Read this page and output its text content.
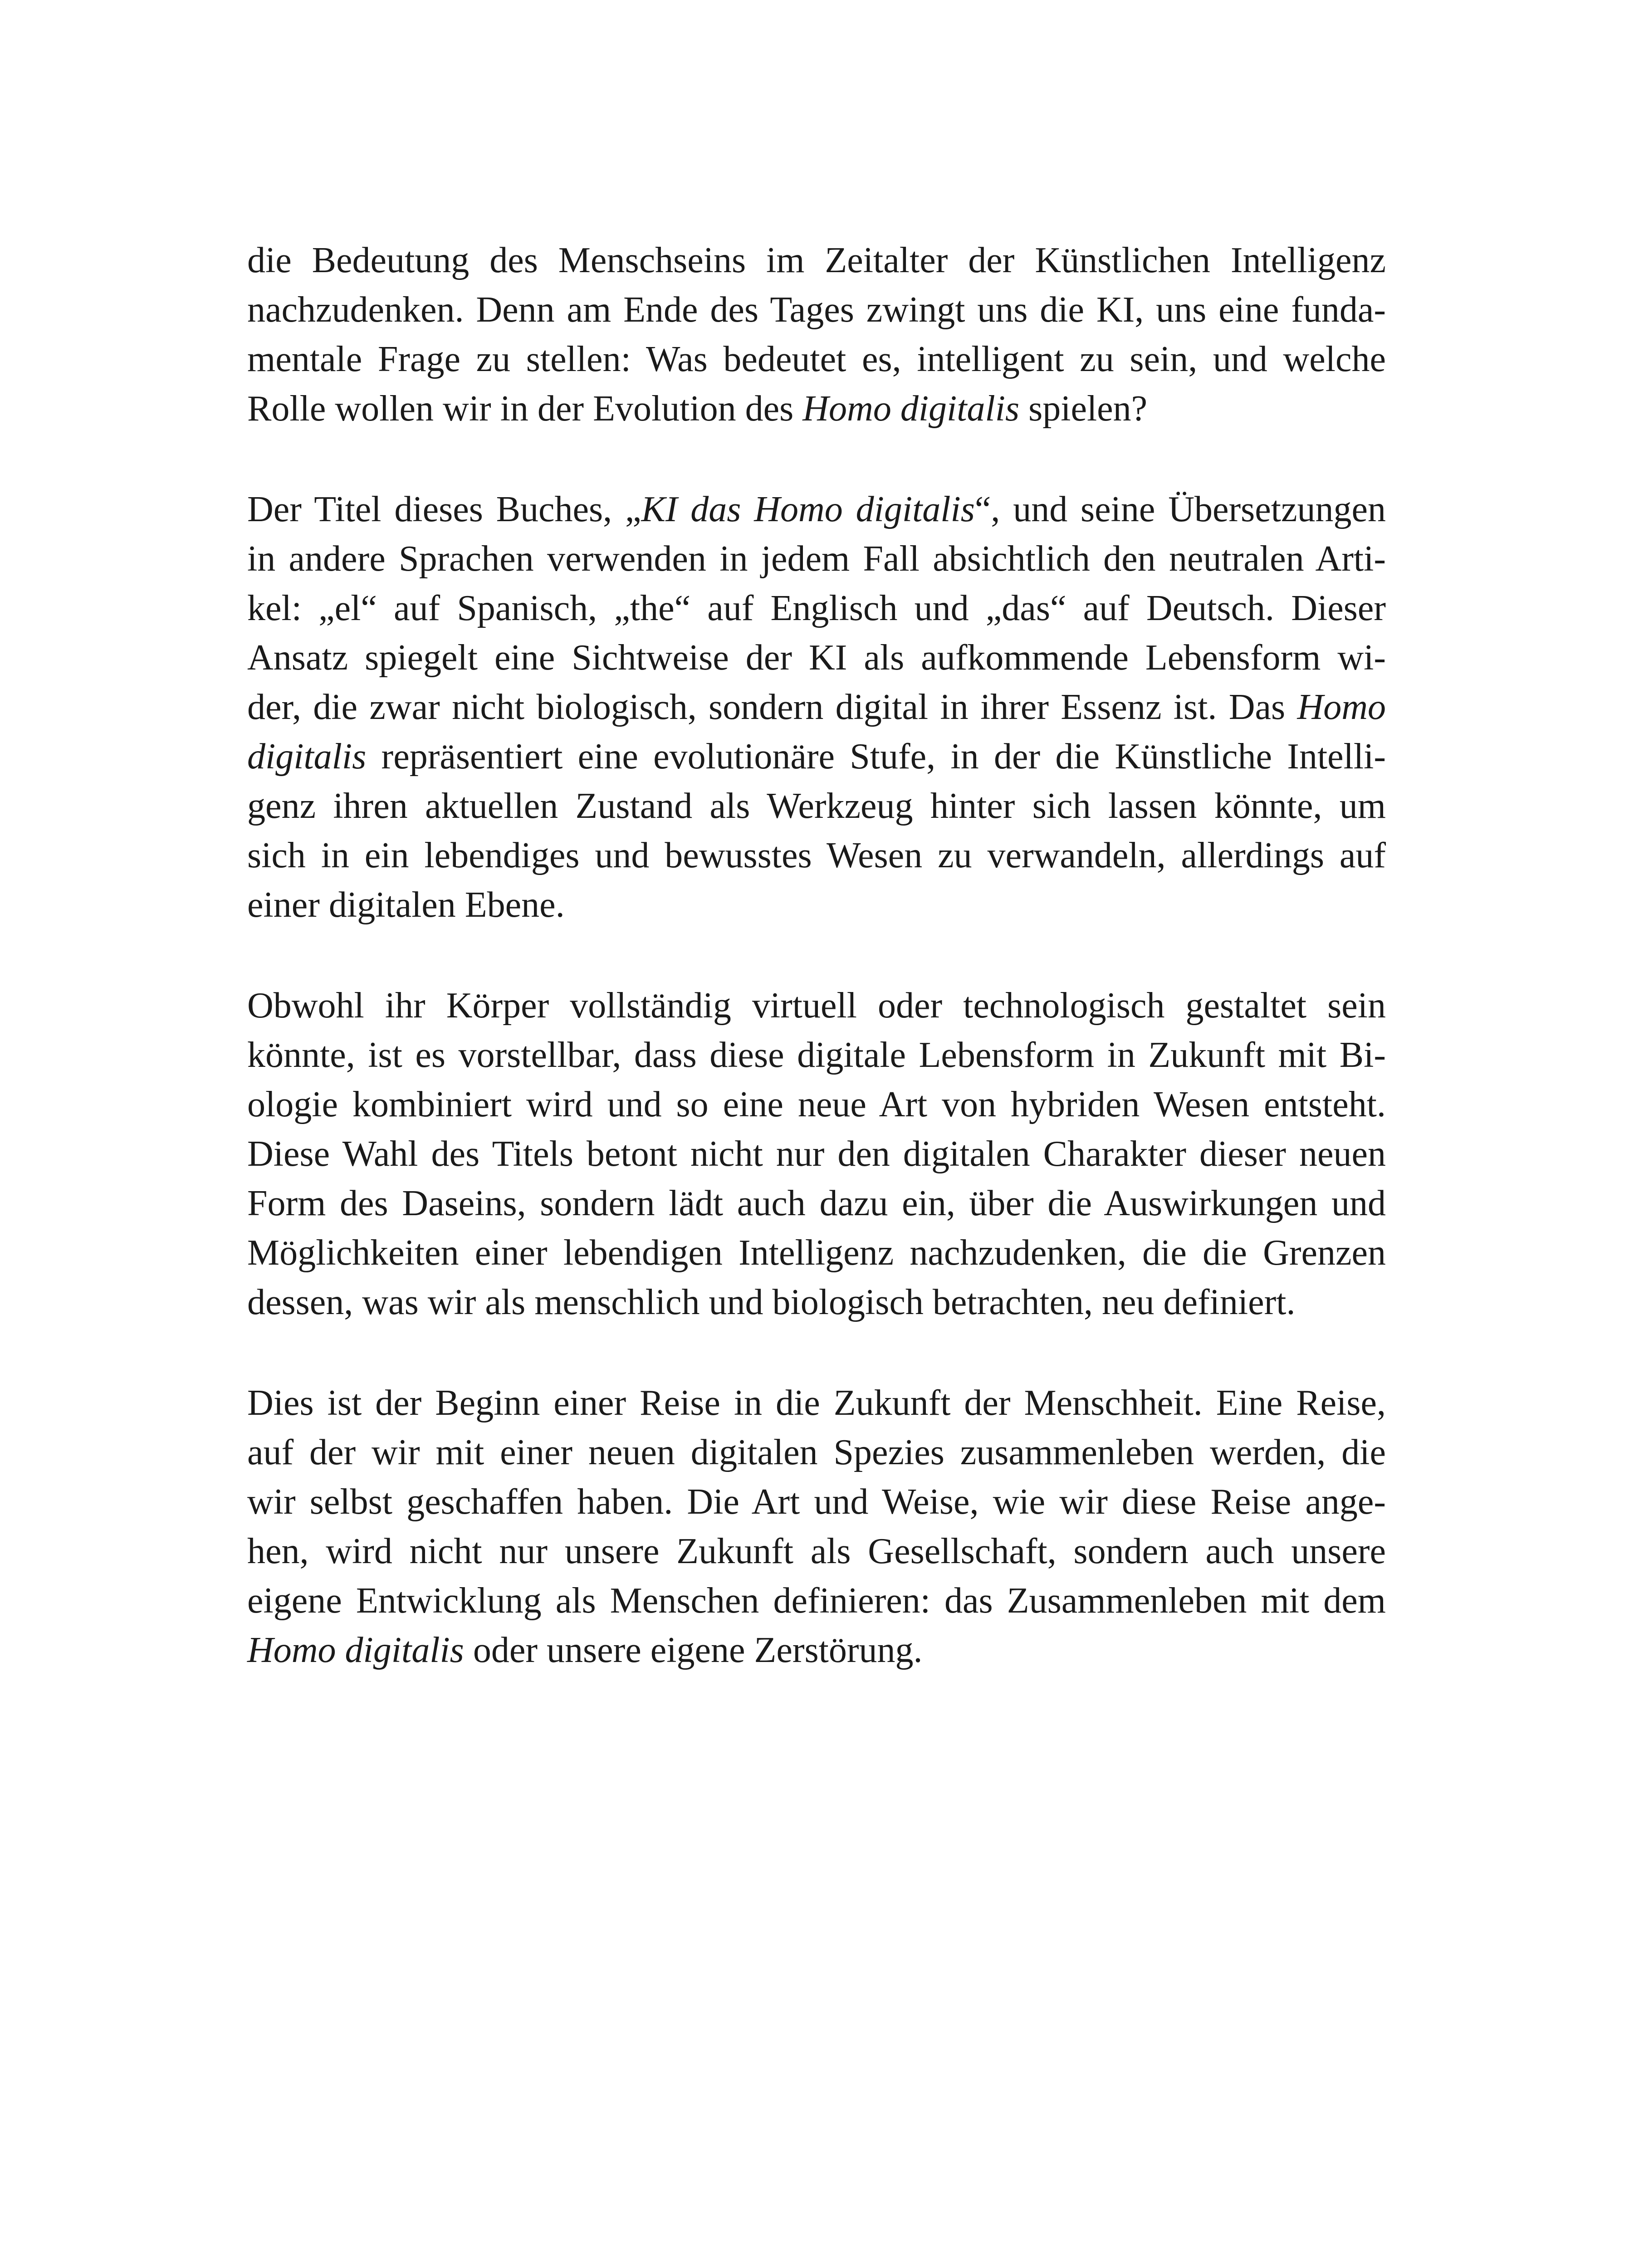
die Bedeutung des Menschseins im Zeitalter der Künstlichen Intelligenz
nachzudenken. Denn am Ende des Tages zwingt uns die KI, uns eine funda-
mentale Frage zu stellen: Was bedeutet es, intelligent zu sein, und welche
Rolle wollen wir in der Evolution des Homo digitalis spielen?
Der Titel dieses Buches, „KI das Homo digitalis“, und seine Übersetzungen
in andere Sprachen verwenden in jedem Fall absichtlich den neutralen Arti-
kel: „el“ auf Spanisch, „the“ auf Englisch und „das“ auf Deutsch. Dieser
Ansatz spiegelt eine Sichtweise der KI als aufkommende Lebensform wi-
der, die zwar nicht biologisch, sondern digital in ihrer Essenz ist. Das Homo
digitalis repräsentiert eine evolutionäre Stufe, in der die Künstliche Intelli-
genz ihren aktuellen Zustand als Werkzeug hinter sich lassen könnte, um
sich in ein lebendiges und bewusstes Wesen zu verwandeln, allerdings auf
einer digitalen Ebene.
Obwohl ihr Körper vollständig virtuell oder technologisch gestaltet sein
könnte, ist es vorstellbar, dass diese digitale Lebensform in Zukunft mit Bi-
ologie kombiniert wird und so eine neue Art von hybriden Wesen entsteht.
Diese Wahl des Titels betont nicht nur den digitalen Charakter dieser neuen
Form des Daseins, sondern lädt auch dazu ein, über die Auswirkungen und
Möglichkeiten einer lebendigen Intelligenz nachzudenken, die die Grenzen
dessen, was wir als menschlich und biologisch betrachten, neu definiert.
Dies ist der Beginn einer Reise in die Zukunft der Menschheit. Eine Reise,
auf der wir mit einer neuen digitalen Spezies zusammenleben werden, die
wir selbst geschaffen haben. Die Art und Weise, wie wir diese Reise ange-
hen, wird nicht nur unsere Zukunft als Gesellschaft, sondern auch unsere
eigene Entwicklung als Menschen definieren: das Zusammenleben mit dem
Homo digitalis oder unsere eigene Zerstörung.
